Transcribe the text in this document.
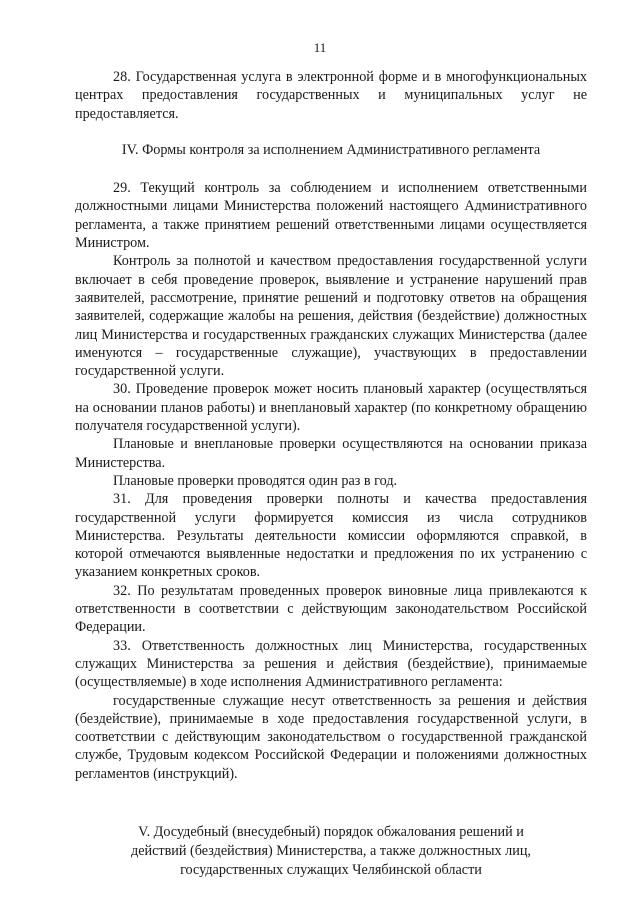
11

28. Государственная услуга в электронной форме и в многофункциональных центрах предоставления государственных и муниципальных услуг не предоставляется.

IV. Формы контроля за исполнением Административного регламента

29. Текущий контроль за соблюдением и исполнением ответственными должностными лицами Министерства положений настоящего Административного регламента, а также принятием решений ответственными лицами осуществляется Министром.

Контроль за полнотой и качеством предоставления государственной услуги включает в себя проведение проверок, выявление и устранение нарушений прав заявителей, рассмотрение, принятие решений и подготовку ответов на обращения заявителей, содержащие жалобы на решения, действия (бездействие) должностных лиц Министерства и государственных гражданских служащих Министерства (далее именуются – государственные служащие), участвующих в предоставлении государственной услуги.

30. Проведение проверок может носить плановый характер (осуществляться на основании планов работы) и внеплановый характер (по конкретному обращению получателя государственной услуги).

Плановые и внеплановые проверки осуществляются на основании приказа Министерства.

Плановые проверки проводятся один раз в год.

31. Для проведения проверки полноты и качества предоставления государственной услуги формируется комиссия из числа сотрудников Министерства. Результаты деятельности комиссии оформляются справкой, в которой отмечаются выявленные недостатки и предложения по их устранению с указанием конкретных сроков.

32. По результатам проведенных проверок виновные лица привлекаются к ответственности в соответствии с действующим законодательством Российской Федерации.

33. Ответственность должностных лиц Министерства, государственных служащих Министерства за решения и действия (бездействие), принимаемые (осуществляемые) в ходе исполнения Административного регламента:

государственные служащие несут ответственность за решения и действия (бездействие), принимаемые в ходе предоставления государственной услуги, в соответствии с действующим законодательством о государственной гражданской службе, Трудовым кодексом Российской Федерации и положениями должностных регламентов (инструкций).

V. Досудебный (внесудебный) порядок обжалования решений и
действий (бездействия) Министерства, а также должностных лиц,
государственных служащих Челябинской области
